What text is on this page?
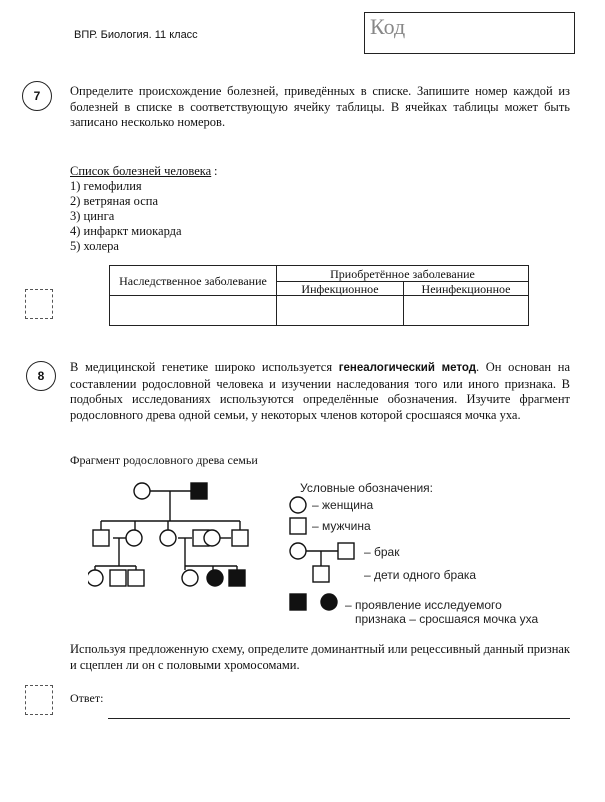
ВПР. Биология. 11 класс	Код
7	Определите происхождение болезней, приведённых в списке. Запишите номер каждой из болезней в списке в соответствующую ячейку таблицы. В ячейках таблицы может быть записано несколько номеров.
Список болезней человека :
1) гемофилия
2) ветряная оспа
3) цинга
4) инфаркт миокарда
5) холера
Наследственное заболевание	Приобретённое заболевание	
	Инфекционное	Неинфекционное

8
В медицинской генетике широко используется генеалогический метод. Он основан на составлении родословной человека и изучении наследования того или иного признака. В подобных исследованиях используются определённые обозначения. Изучите фрагмент родословного древа одной семьи, у некоторых членов которой сросшаяся мочка уха.
Фрагмент родословного древа семьи
Условные обозначения:
– женщина
– мужчина
– брак
– дети одного брака
– проявление исследуемого
признака – сросшаяся мочка уха
Используя предложенную схему, определите доминантный или рецессивный данный признак и сцеплен ли он с половыми хромосомами.
Ответ:
